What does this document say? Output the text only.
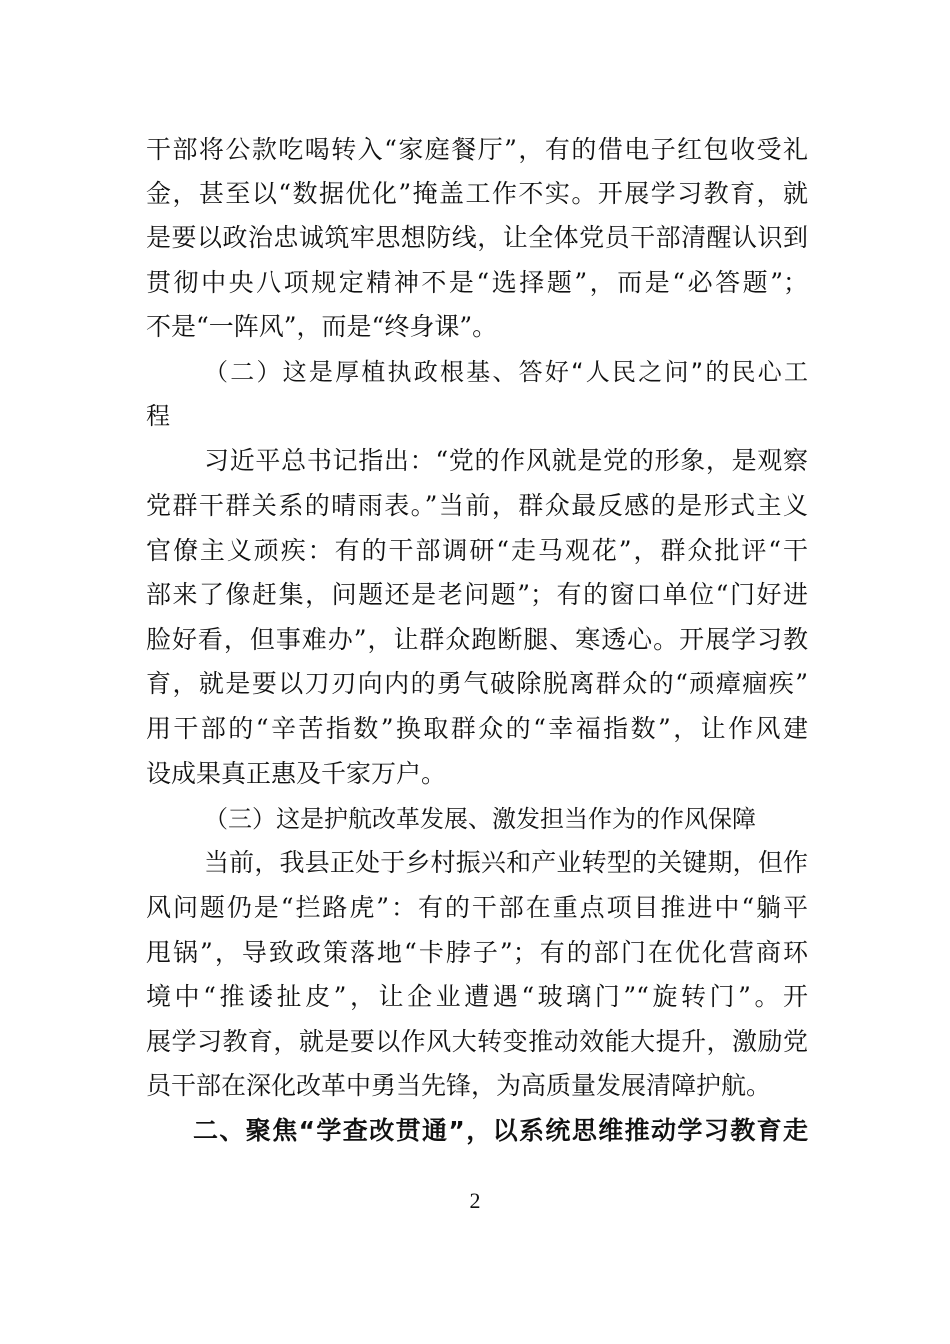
干部将公款吃喝转入“家庭餐厅”，有的借电子红包收受礼
金，甚至以“数据优化”掩盖工作不实。开展学习教育，就
是要以政治忠诚筑牢思想防线，让全体党员干部清醒认识到
贯彻中央八项规定精神不是“选择题”，而是“必答题”；
不是“一阵风”，而是“终身课”。
（二）这是厚植执政根基、答好“人民之问”的民心工
程
习近平总书记指出：“党的作风就是党的形象，是观察
党群干群关系的晴雨表。”当前，群众最反感的是形式主义
官僚主义顽疾：有的干部调研“走马观花”，群众批评“干
部来了像赶集，问题还是老问题”；有的窗口单位“门好进
脸好看，但事难办”，让群众跑断腿、寒透心。开展学习教
育，就是要以刀刃向内的勇气破除脱离群众的“顽瘴痼疾”
用干部的“辛苦指数”换取群众的“幸福指数”，让作风建
设成果真正惠及千家万户。
（三）这是护航改革发展、激发担当作为的作风保障
当前，我县正处于乡村振兴和产业转型的关键期，但作
风问题仍是“拦路虎”：有的干部在重点项目推进中“躺平
甩锅”，导致政策落地“卡脖子”；有的部门在优化营商环
境中“推诿扯皮”，让企业遭遇“玻璃门”“旋转门”。开
展学习教育，就是要以作风大转变推动效能大提升，激励党
员干部在深化改革中勇当先锋，为高质量发展清障护航。
二、聚焦“学查改贯通”，以系统思维推动学习教育走
2
